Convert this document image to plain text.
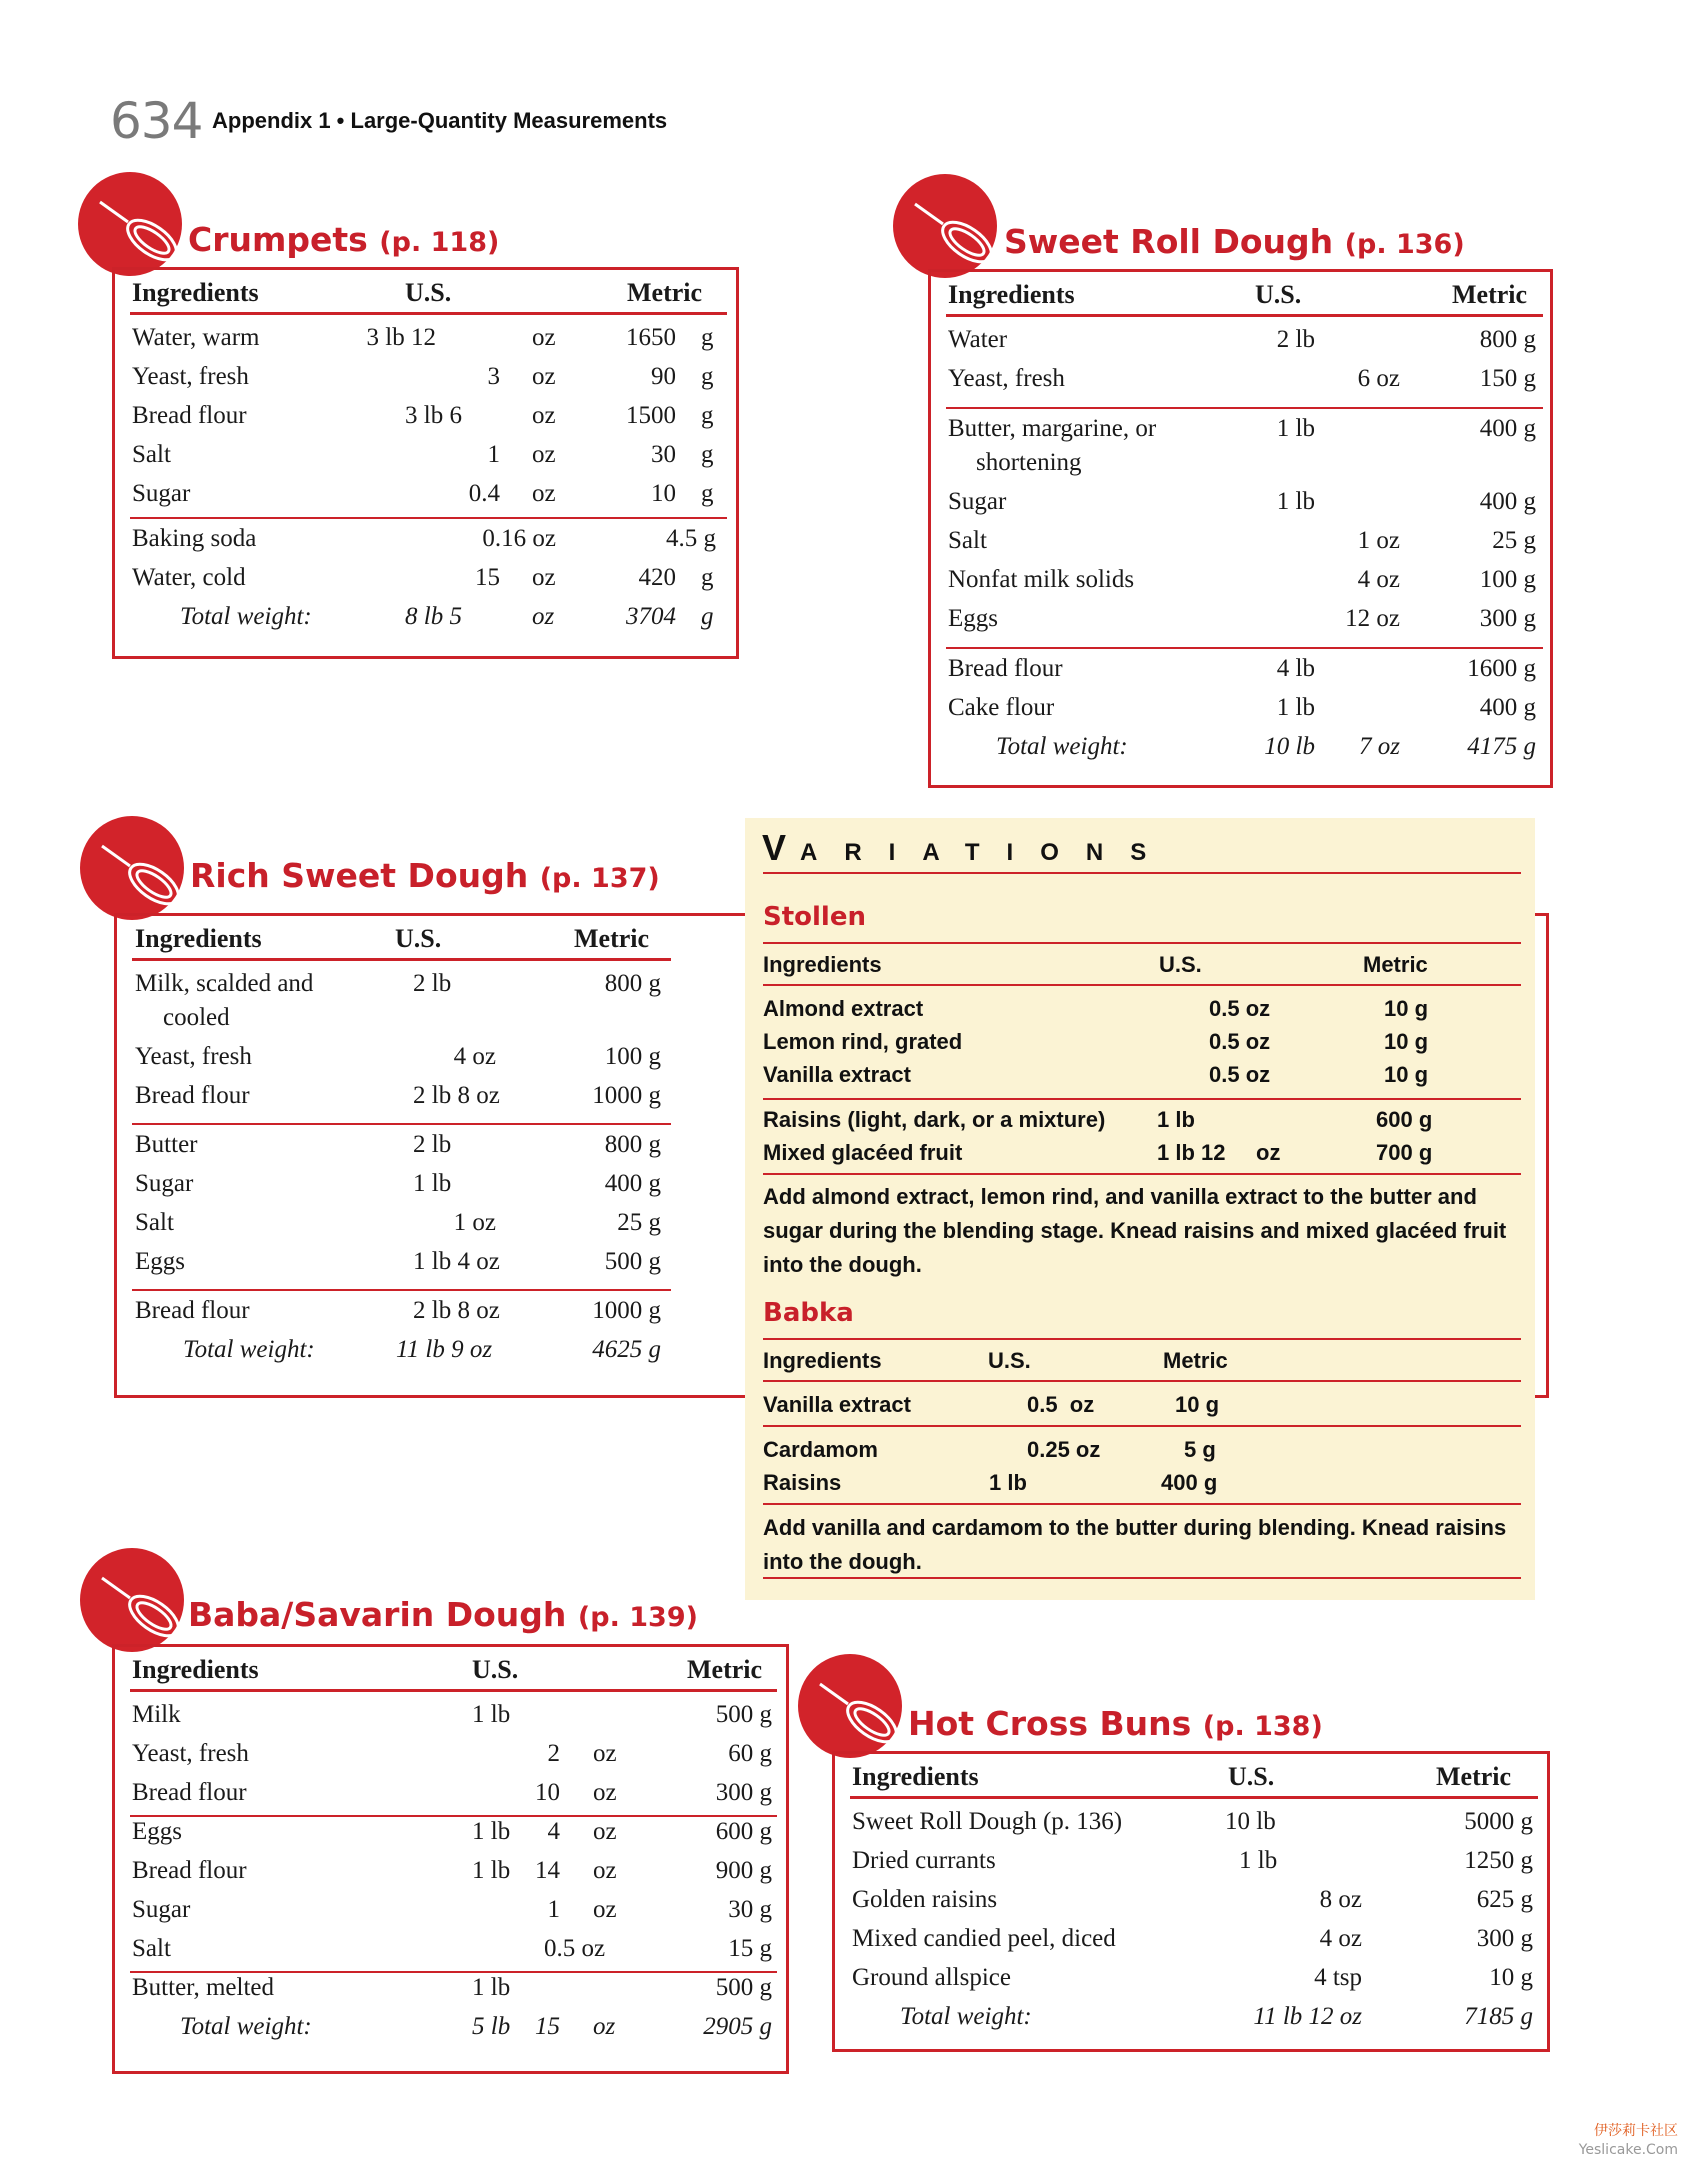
634 Appendix 1 • Large-Quantity Measurements
Crumpets (p. 118)
Ingredients	U.S.	Metric
Water, warm	3 lb 12	oz	1650 g
Yeast, fresh	3 oz	90 g
Bread flour	3 lb 6	oz	1500 g
Salt	1 oz	30 g
Sugar	0.4 oz	10 g
Baking soda	0.16 oz	4.5 g
Water, cold	15 oz	420 g
Total weight:	8 lb 5	oz	3704 g
Sweet Roll Dough (p. 136)
Ingredients	U.S.	Metric
Water	2 lb	800 g
Yeast, fresh	6 oz	150 g
Butter, margarine, or	1 lb	400 g
shortening
Sugar	1 lb	400 g
Salt	1 oz	25 g
Nonfat milk solids	4 oz	100 g
Eggs	12 oz	300 g
Bread flour	4 lb	1600 g
Cake flour	1 lb	400 g
Total weight:	10 lb 7 oz	4175 g
Rich Sweet Dough (p. 137)
Ingredients	U.S.	Metric
Milk, scalded and	2 lb	800 g
cooled
Yeast, fresh	4 oz	100 g
Bread flour	2 lb 8 oz	1000 g
Butter	2 lb	800 g
Sugar	1 lb	400 g
Salt	1 oz	25 g
Eggs	1 lb 4 oz	500 g
Bread flour	2 lb 8 oz	1000 g
Total weight:	11 lb 9 oz	4625 g
VARIATIONS
Stollen
Ingredients	U.S.	Metric
Almond extract	0.5 oz	10 g
Lemon rind, grated	0.5 oz	10 g
Vanilla extract	0.5 oz	10 g
Raisins (light, dark, or a mixture) 1 lb	600 g
Mixed glacéed fruit	1 lb 12     oz	700 g
Add almond extract, lemon rind, and vanilla extract to the butter and sugar during the blending stage. Knead raisins and mixed glacéed fruit into the dough.
Babka
Ingredients	U.S.	Metric
Vanilla extract	0.5  oz	10 g
Cardamom	0.25 oz	5 g
Raisins	1 lb	400 g
Add vanilla and cardamom to the butter during blending. Knead raisins into the dough.
Baba/Savarin Dough (p. 139)
Ingredients	U.S.	Metric
Milk	1 lb	500 g
Yeast, fresh	2 oz	60 g
Bread flour	10 oz	300 g
Eggs	1 lb 4 oz	600 g
Bread flour	1 lb 14 oz	900 g
Sugar	1 oz	30 g
Salt	0.5 oz	15 g
Butter, melted	1 lb	500 g
Total weight:	5 lb 15 oz	2905 g
Hot Cross Buns (p. 138)
Ingredients	U.S.	Metric
Sweet Roll Dough (p. 136)	10 lb	5000 g
Dried currants	1 lb	1250 g
Golden raisins	8 oz	625 g
Mixed candied peel, diced	4 oz	300 g
Ground allspice	4 tsp	10 g
Total weight:	11 lb 12 oz	7185 g
伊莎莉卡社区
Yeslicake.Com
